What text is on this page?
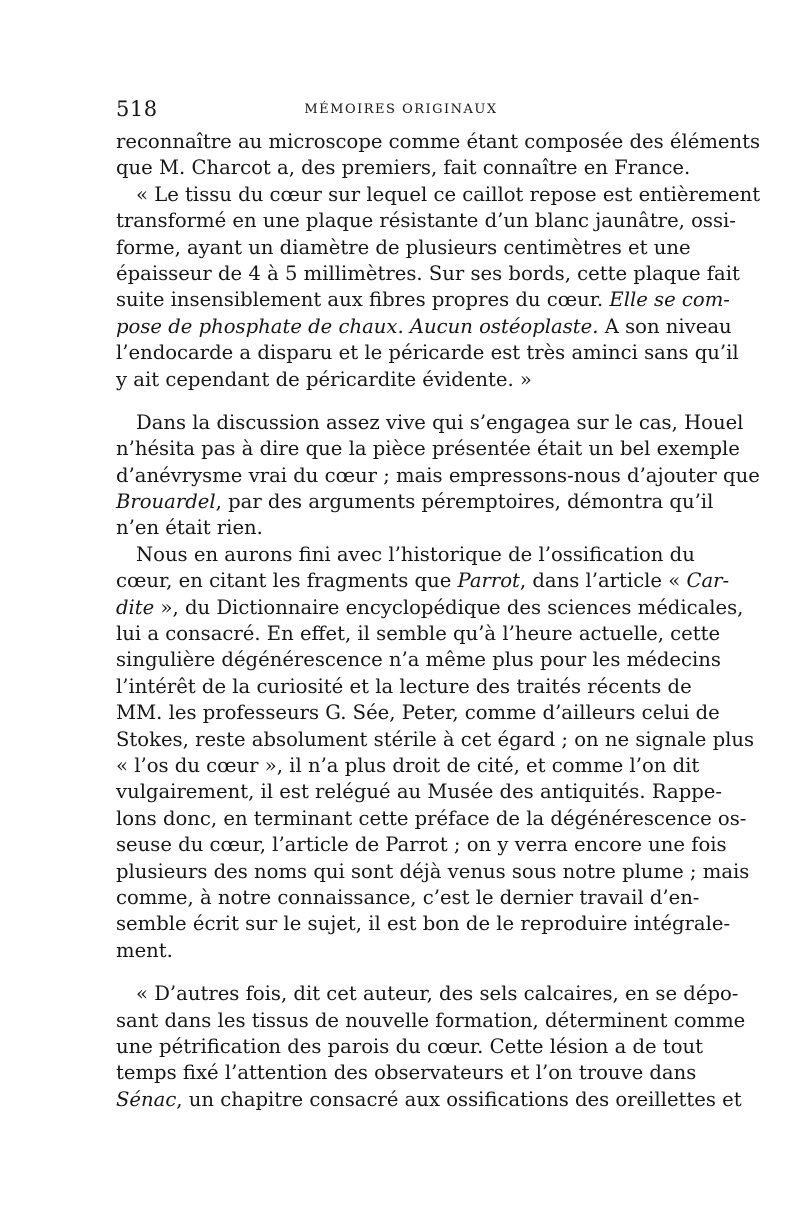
518	MÉMOIRES ORIGINAUX

reconnaître au microscope comme étant composée des éléments
que M. Charcot a, des premiers, fait connaître en France.

« Le tissu du cœur sur lequel ce caillot repose est entièrement
transformé en une plaque résistante d’un blanc jaunâtre, ossi-
forme, ayant un diamètre de plusieurs centimètres et une
épaisseur de 4 à 5 millimètres. Sur ses bords, cette plaque fait
suite insensiblement aux fibres propres du cœur. Elle se com-
pose de phosphate de chaux. Aucun ostéoplaste. A son niveau
l’endocarde a disparu et le péricarde est très aminci sans qu’il
y ait cependant de péricardite évidente. »

Dans la discussion assez vive qui s’engagea sur le cas, Houel
n’hésita pas à dire que la pièce présentée était un bel exemple
d’anévrysme vrai du cœur ; mais empressons-nous d’ajouter que
Brouardel, par des arguments péremptoires, démontra qu’il
n’en était rien.

Nous en aurons fini avec l’historique de l’ossification du
cœur, en citant les fragments que Parrot, dans l’article « Car-
dite », du Dictionnaire encyclopédique des sciences médicales,
lui a consacré. En effet, il semble qu’à l’heure actuelle, cette
singulière dégénérescence n’a même plus pour les médecins
l’intérêt de la curiosité et la lecture des traités récents de
MM. les professeurs G. Sée, Peter, comme d’ailleurs celui de
Stokes, reste absolument stérile à cet égard ; on ne signale plus
« l’os du cœur », il n’a plus droit de cité, et comme l’on dit
vulgairement, il est relégué au Musée des antiquités. Rappe-
lons donc, en terminant cette préface de la dégénérescence os-
seuse du cœur, l’article de Parrot ; on y verra encore une fois
plusieurs des noms qui sont déjà venus sous notre plume ; mais
comme, à notre connaissance, c’est le dernier travail d’en-
semble écrit sur le sujet, il est bon de le reproduire intégrale-
ment.

« D’autres fois, dit cet auteur, des sels calcaires, en se dépo-
sant dans les tissus de nouvelle formation, déterminent comme
une pétrification des parois du cœur. Cette lésion a de tout
temps fixé l’attention des observateurs et l’on trouve dans
Sénac, un chapitre consacré aux ossifications des oreillettes et
